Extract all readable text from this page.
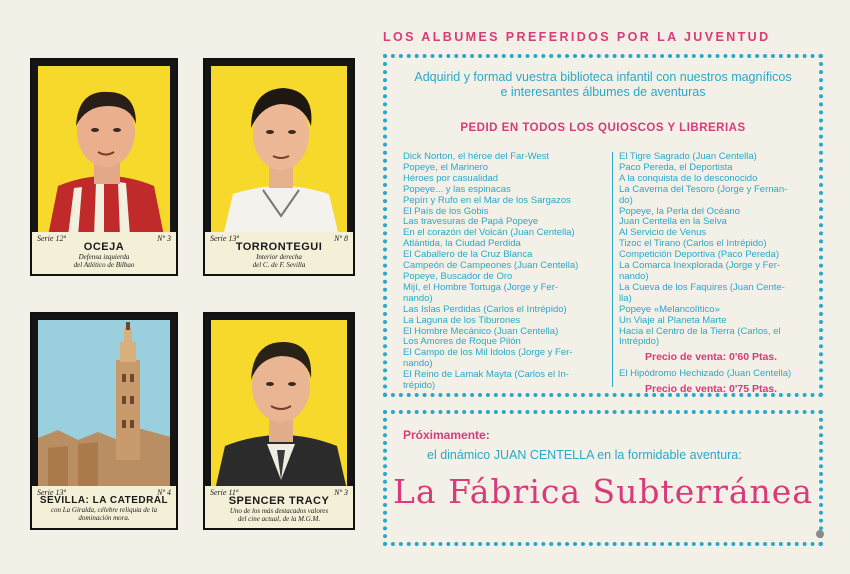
Serie 12ª	Nº 3
OCEJA
Defensa izquierda
del Atlético de Bilbao
Serie 13ª	Nº 8
TORRONTEGUI
Interior derecha
del C. de F. Sevilla
Serie 13ª	Nº 4
SEVILLA: LA CATEDRAL
con La Giralda, célebre reliquia de la
dominación mora.
Serie 11ª	Nº 3
SPENCER TRACY
Uno de los más destacados valores
del cine actual, de la M.G.M.
LOS ALBUMES PREFERIDOS POR LA JUVENTUD
Adquirid y formad vuestra biblioteca infantil con nuestros magníficos
e interesantes álbumes de aventuras
PEDID EN TODOS LOS QUIOSCOS Y LIBRERIAS
Dick Norton, el héroe del Far-West
Popeye, el Marinero
Héroes por casualidad
Popeye... y las espinacas
Pepín y Rufo en el Mar de los Sargazos
El País de los Gobis
Las travesuras de Papá Popeye
En el corazón del Volcán (Juan Centella)
Atlántida, la Ciudad Perdida
El Caballero de la Cruz Blanca
Campeón de Campeones (Juan Centella)
Popeye, Buscador de Oro
Mijí, el Hombre Tortuga (Jorge y Fer-
nando)
Las Islas Perdidas (Carlos el Intrépido)
La Laguna de los Tiburones
El Hombre Mecánico (Juan Centella)
Los Amores de Roque Pilón
El Campo de los Mil Idolos (Jorge y Fer-
nando)
El Reino de Lamak Mayta (Carlos el In-
trépido)
El Tigre Sagrado (Juan Centella)
Paco Pereda, el Deportista
A la conquista de lo desconocido
La Caverna del Tesoro (Jorge y Fernan-
do)
Popeye, la Perla del Océano
Juan Centella en la Selva
Al Servicio de Venus
Tizoc el Tirano (Carlos el Intrépido)
Competición Deportiva (Paco Pereda)
La Comarca Inexplorada (Jorge y Fer-
nando)
La Cueva de los Faquires (Juan Cente-
lla)
Popeye «Melancolítico»
Un Viaje al Planeta Marte
Hacia el Centro de la Tierra (Carlos, el
Intrépido)
Precio de venta: 0'60 Ptas.
El Hipódromo Hechizado (Juan Centella)
Precio de venta: 0'75 Ptas.
Próximamente:
el dinámico JUAN CENTELLA en la formidable aventura:
La Fábrica Subterránea
